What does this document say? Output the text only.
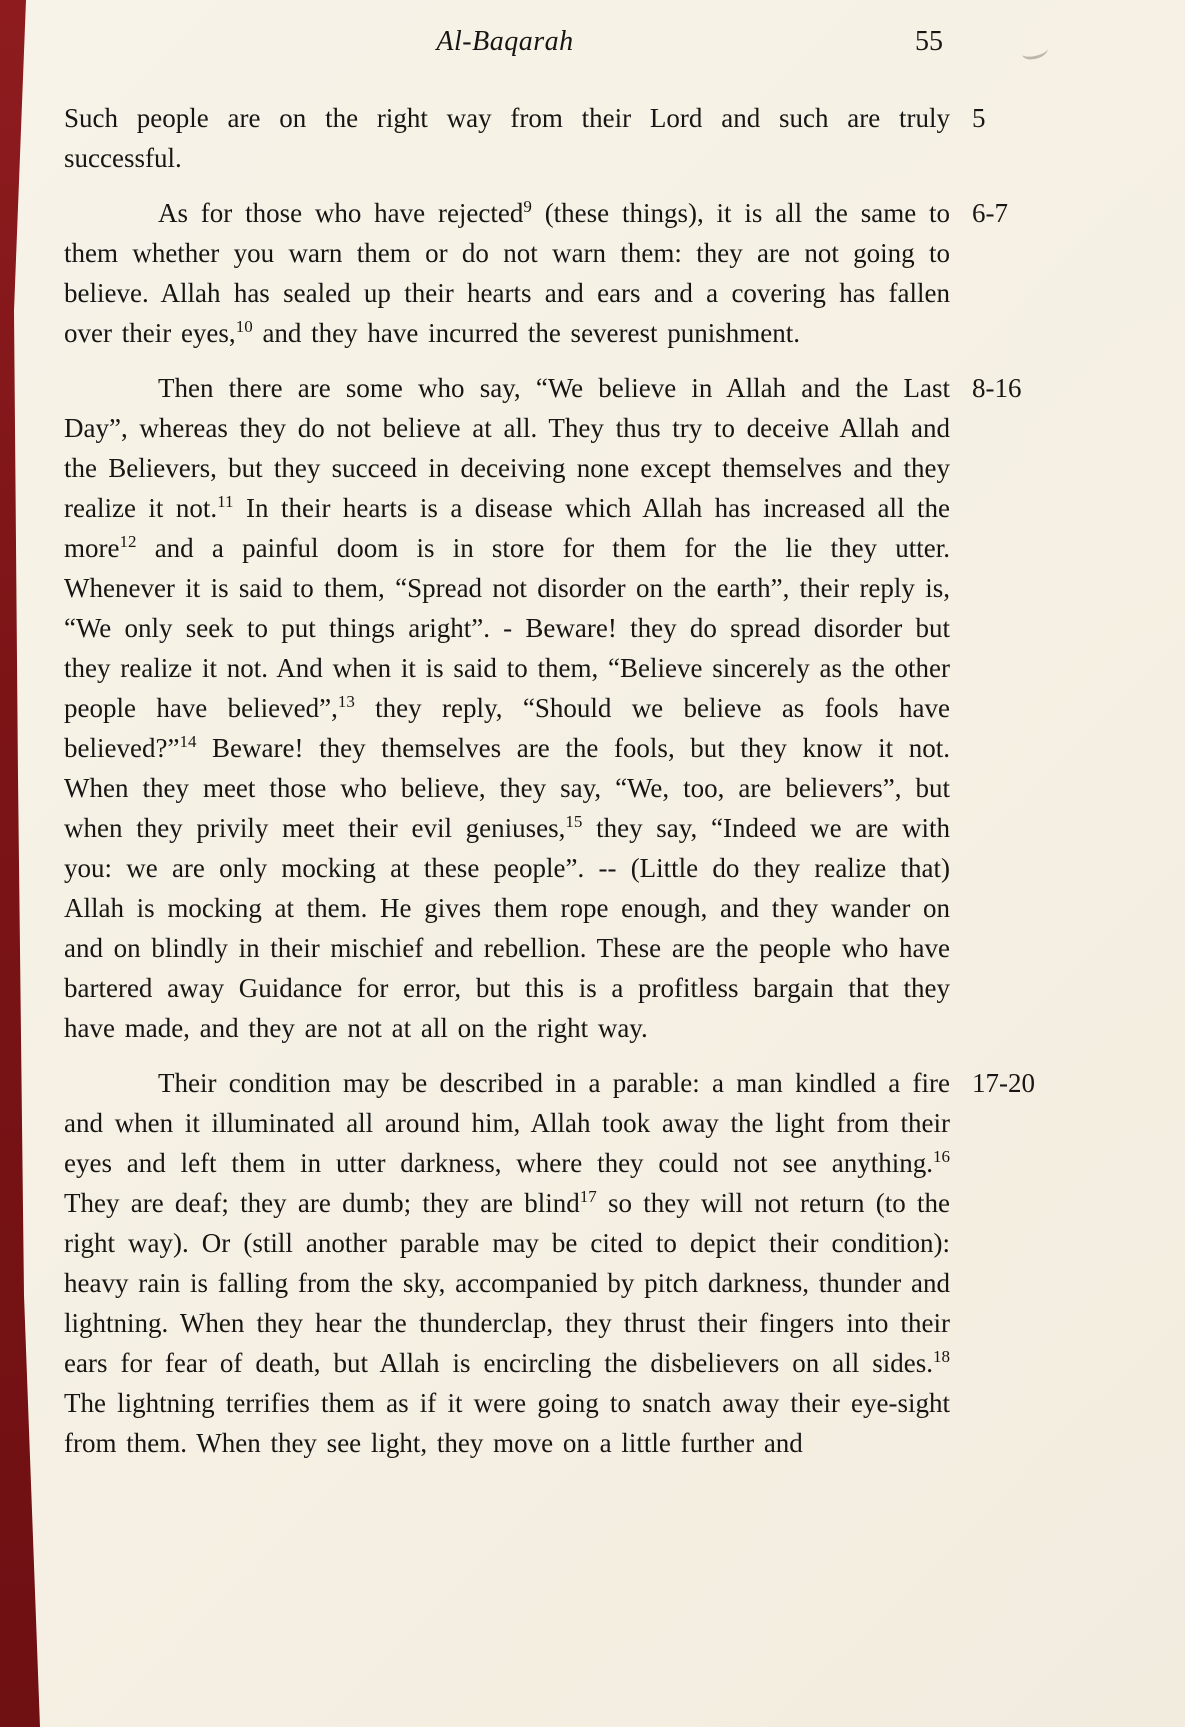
Al-Baqarah	55
Such people are on the right way from their Lord and such are truly successful.
5
As for those who have rejected$^9$ (these things), it is all the same to them whether you warn them or do not warn them: they are not going to believe. Allah has sealed up their hearts and ears and a covering has fallen over their eyes,$^{10}$ and they have incurred the severest punishment.
6-7
Then there are some who say, “We believe in Allah and the Last Day”, whereas they do not believe at all. They thus try to deceive Allah and the Believers, but they succeed in deceiving none except themselves and they realize it not.$^{11}$ In their hearts is a disease which Allah has increased all the more$^{12}$ and a painful doom is in store for them for the lie they utter. Whenever it is said to them, “Spread not disorder on the earth”, their reply is, “We only seek to put things aright”. - Beware! they do spread disorder but they realize it not. And when it is said to them, “Believe sincerely as the other people have believed”,$^{13}$ they reply, “Should we believe as fools have believed?”$^{14}$ Beware! they themselves are the fools, but they know it not. When they meet those who believe, they say, “We, too, are believers”, but when they privily meet their evil geniuses,$^{15}$ they say, “Indeed we are with you: we are only mocking at these people”. -- (Little do they realize that) Allah is mocking at them. He gives them rope enough, and they wander on and on blindly in their mischief and rebellion. These are the people who have bartered away Guidance for error, but this is a profitless bargain that they have made, and they are not at all on the right way.
8-16
Their condition may be described in a parable: a man kindled a fire and when it illuminated all around him, Allah took away the light from their eyes and left them in utter darkness, where they could not see anything.$^{16}$ They are deaf; they are dumb; they are blind$^{17}$ so they will not return (to the right way). Or (still another parable may be cited to depict their condition): heavy rain is falling from the sky, accompanied by pitch darkness, thunder and lightning. When they hear the thunderclap, they thrust their fingers into their ears for fear of death, but Allah is encircling the disbelievers on all sides.$^{18}$ The lightning terrifies them as if it were going to snatch away their eye-sight from them. When they see light, they move on a little further and
17-20
